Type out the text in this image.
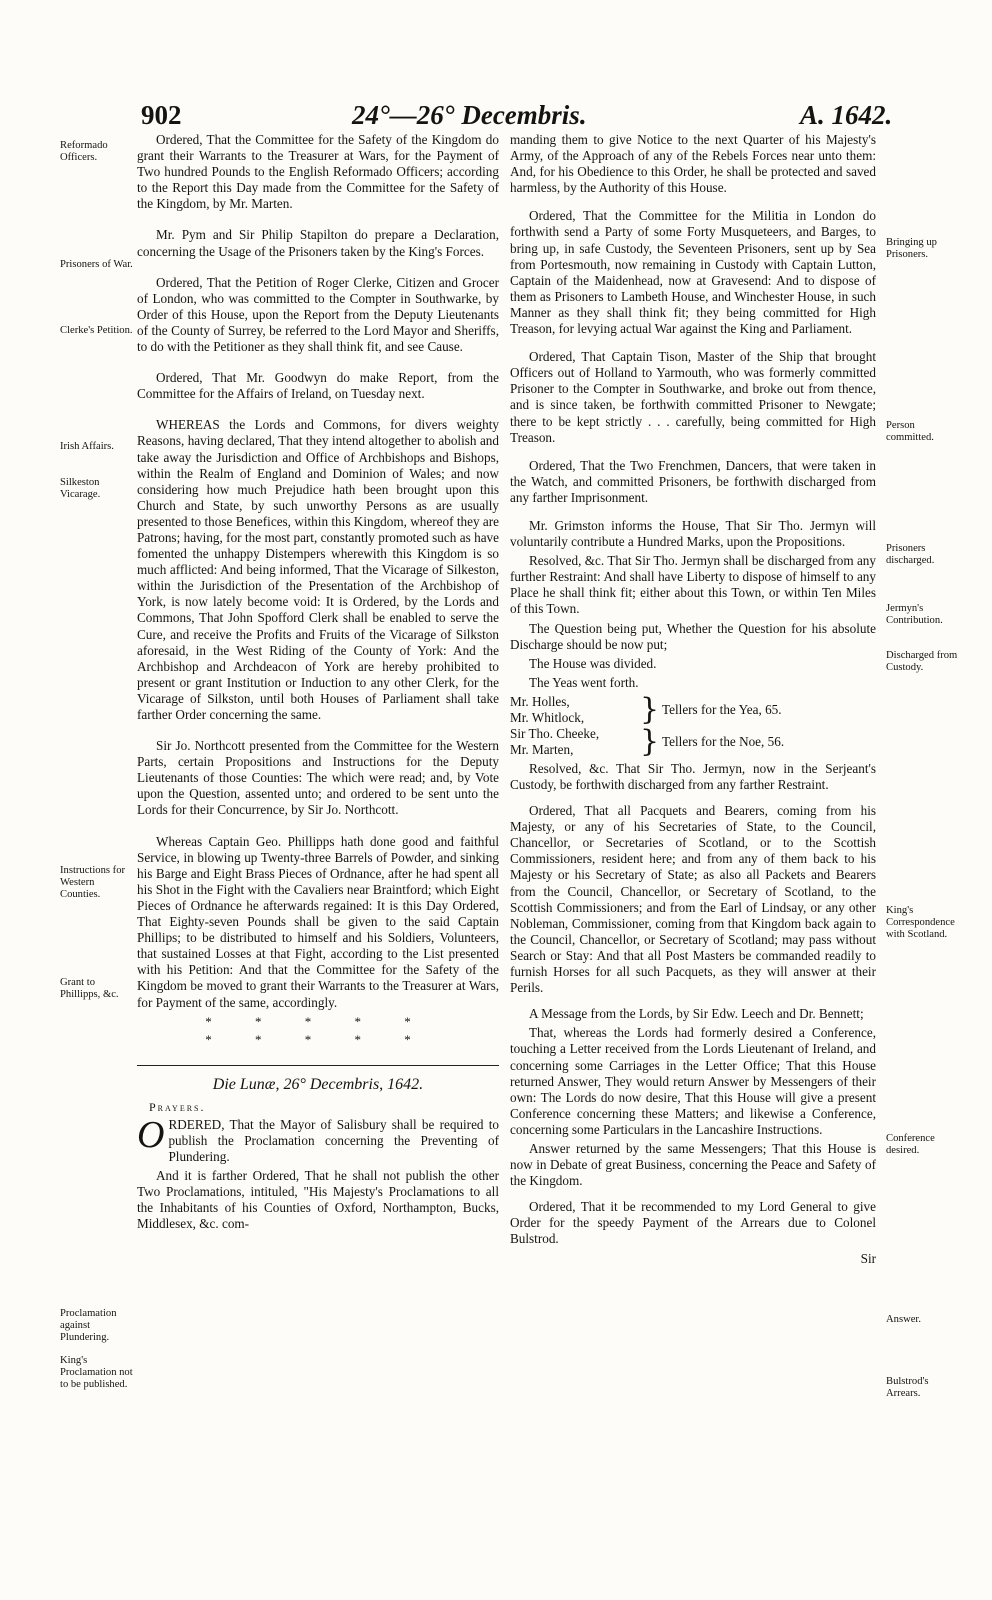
902	24°—26° Decembris.	A. 1642.
Reformado Officers.
Prisoners of War.
Clerke's Petition.
Irish Affairs.
Silkeston Vicarage.
Instructions for Western Counties.
Grant to Phillipps, &c.
Proclamation against Plundering.
King's Proclamation not to be published.
Bringing up Prisoners.
Person committed.
Prisoners discharged.
Jermyn's Contribution.
Discharged from Custody.
King's Correspondence with Scotland.
Conference desired.
Answer.
Bulstrod's Arrears.

Ordered, That the Committee for the Safety of the Kingdom do grant their Warrants to the Treasurer at Wars, for the Payment of Two hundred Pounds to the English Reformado Officers; according to the Report this Day made from the Committee for the Safety of the Kingdom, by Mr. Marten.

Mr. Pym and Sir Philip Stapilton do prepare a Declaration, concerning the Usage of the Prisoners taken by the King's Forces.

Ordered, That the Petition of Roger Clerke, Citizen and Grocer of London, who was committed to the Compter in Southwarke, by Order of this House, upon the Report from the Deputy Lieutenants of the County of Surrey, be referred to the Lord Mayor and Sheriffs, to do with the Petitioner as they shall think fit, and see Cause.

Ordered, That Mr. Goodwyn do make Report, from the Committee for the Affairs of Ireland, on Tuesday next.

WHEREAS the Lords and Commons, for divers weighty Reasons, having declared, That they intend altogether to abolish and take away the Jurisdiction and Office of Archbishops and Bishops, within the Realm of England and Dominion of Wales; and now considering how much Prejudice hath been brought upon this Church and State, by such unworthy Persons as are usually presented to those Benefices, within this Kingdom, whereof they are Patrons; having, for the most part, constantly promoted such as have fomented the unhappy Distempers wherewith this Kingdom is so much afflicted: And being informed, That the Vicarage of Silkeston, within the Jurisdiction of the Presentation of the Archbishop of York, is now lately become void: It is Ordered, by the Lords and Commons, That John Spofford Clerk shall be enabled to serve the Cure, and receive the Profits and Fruits of the Vicarage of Silkston aforesaid, in the West Riding of the County of York: And the Archbishop and Archdeacon of York are hereby prohibited to present or grant Institution or Induction to any other Clerk, for the Vicarage of Silkston, until both Houses of Parliament shall take farther Order concerning the same.

Sir Jo. Northcott presented from the Committee for the Western Parts, certain Propositions and Instructions for the Deputy Lieutenants of those Counties: The which were read; and, by Vote upon the Question, assented unto; and ordered to be sent unto the Lords for their Concurrence, by Sir Jo. Northcott.

Whereas Captain Geo. Phillipps hath done good and faithful Service, in blowing up Twenty-three Barrels of Powder, and sinking his Barge and Eight Brass Pieces of Ordnance, after he had spent all his Shot in the Fight with the Cavaliers near Braintford; which Eight Pieces of Ordnance he afterwards regained: It is this Day Ordered, That Eighty-seven Pounds shall be given to the said Captain Phillips; to be distributed to himself and his Soldiers, Volunteers, that sustained Losses at that Fight, according to the List presented with his Petition: And that the Committee for the Safety of the Kingdom be moved to grant their Warrants to the Treasurer at Wars, for Payment of the same, accordingly.

* * * * *
* * * * *
Die Lunæ, 26° Decembris, 1642.
Prayers.

ORDERED, That the Mayor of Salisbury shall be required to publish the Proclamation concerning the Preventing of Plundering.

And it is farther Ordered, That he shall not publish the other Two Proclamations, intituled, "His Majesty's Proclamations to all the Inhabitants of his Counties of Oxford, Northampton, Bucks, Middlesex, &c. com-

manding them to give Notice to the next Quarter of his Majesty's Army, of the Approach of any of the Rebels Forces near unto them: And, for his Obedience to this Order, he shall be protected and saved harmless, by the Authority of this House.

Ordered, That the Committee for the Militia in London do forthwith send a Party of some Forty Musqueteers, and Barges, to bring up, in safe Custody, the Seventeen Prisoners, sent up by Sea from Portesmouth, now remaining in Custody with Captain Lutton, Captain of the Maidenhead, now at Gravesend: And to dispose of them as Prisoners to Lambeth House, and Winchester House, in such Manner as they shall think fit; they being committed for High Treason, for levying actual War against the King and Parliament.

Ordered, That Captain Tison, Master of the Ship that brought Officers out of Holland to Yarmouth, who was formerly committed Prisoner to the Compter in Southwarke, and broke out from thence, and is since taken, be forthwith committed Prisoner to Newgate; there to be kept strictly . . . carefully, being committed for High Treason.

Ordered, That the Two Frenchmen, Dancers, that were taken in the Watch, and committed Prisoners, be forthwith discharged from any farther Imprisonment.

Mr. Grimston informs the House, That Sir Tho. Jermyn will voluntarily contribute a Hundred Marks, upon the Propositions.

Resolved, &c. That Sir Tho. Jermyn shall be discharged from any further Restraint: And shall have Liberty to dispose of himself to any Place he shall think fit; either about this Town, or within Ten Miles of this Town.

The Question being put, Whether the Question for his absolute Discharge should be now put;

The House was divided.

The Yeas went forth.

Mr. Holles,
Mr. Whitlock,	} Tellers for the Yea, 65.
Sir Tho. Cheeke,
Mr. Marten,	} Tellers for the Noe, 56.

Resolved, &c. That Sir Tho. Jermyn, now in the Serjeant's Custody, be forthwith discharged from any farther Restraint.

Ordered, That all Pacquets and Bearers, coming from his Majesty, or any of his Secretaries of State, to the Council, Chancellor, or Secretaries of Scotland, or to the Scottish Commissioners, resident here; and from any of them back to his Majesty or his Secretary of State; as also all Packets and Bearers from the Council, Chancellor, or Secretary of Scotland, to the Scottish Commissioners; and from the Earl of Lindsay, or any other Nobleman, Commissioner, coming from that Kingdom back again to the Council, Chancellor, or Secretary of Scotland; may pass without Search or Stay: And that all Post Masters be commanded readily to furnish Horses for all such Pacquets, as they will answer at their Perils.

A Message from the Lords, by Sir Edw. Leech and Dr. Bennett;

That, whereas the Lords had formerly desired a Conference, touching a Letter received from the Lords Lieutenant of Ireland, and concerning some Carriages in the Letter Office; That this House returned Answer, They would return Answer by Messengers of their own: The Lords do now desire, That this House will give a present Conference concerning these Matters; and likewise a Conference, concerning some Particulars in the Lancashire Instructions.

Answer returned by the same Messengers; That this House is now in Debate of great Business, concerning the Peace and Safety of the Kingdom.

Ordered, That it be recommended to my Lord General to give Order for the speedy Payment of the Arrears due to Colonel Bulstrod.

Sir
